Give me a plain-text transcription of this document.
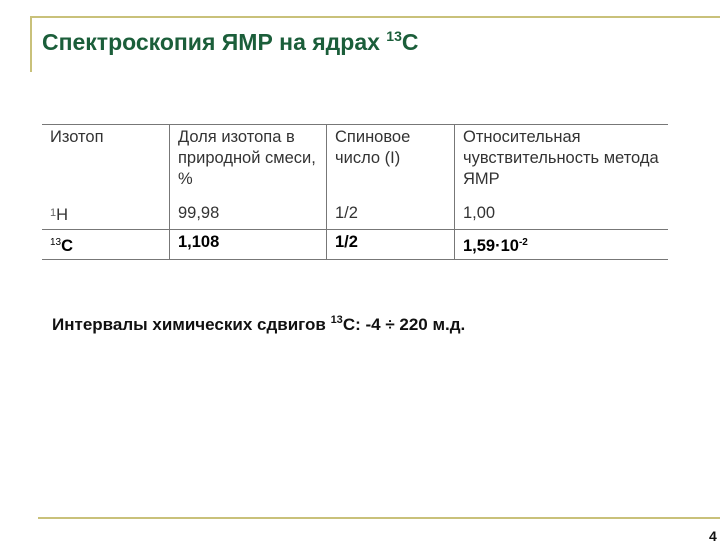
Спектроскопия ЯМР на ядрах $^{13}$C
Изотоп	Доля изотопа в природной смеси, %	Спиновое число (I)	Относительная чувствительность метода ЯМР
$^1$H	99,98	1/2	1,00
$^{13}$C	1,108	1/2	$1,59\cdot 10^{-2}$

Интервалы химических сдвигов $^{13}$C: -4 ÷ 220 м.д.

4
